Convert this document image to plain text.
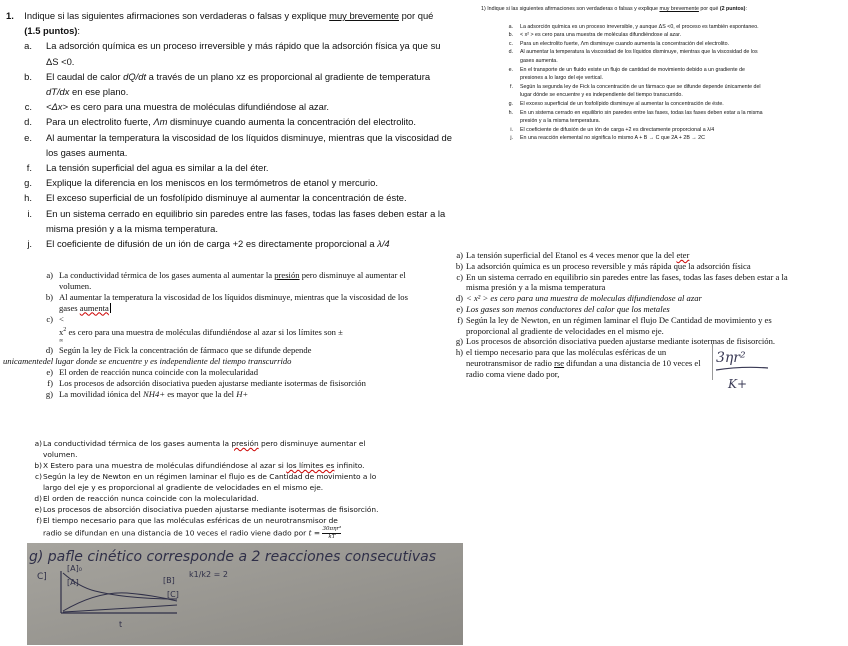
1.	Indique si las siguientes afirmaciones son verdaderas o falsas y explique muy brevemente por qué (1.5 puntos):
a.	La adsorción química es un proceso irreversible y más rápido que la adsorción física ya que su ΔS <0.
b.	El caudal de calor dQ/dt a través de un plano xz es proporcional al gradiente de temperatura dT/dx en ese plano.
c.	<Δx> es cero para una muestra de moléculas difundiéndose al azar.
d.	Para un electrolito fuerte, Λm disminuye cuando aumenta la concentración del electrolito.
e.	Al aumentar la temperatura la viscosidad de los líquidos disminuye, mientras que la viscosidad de los gases aumenta.
f.	La tensión superficial del agua es similar a la del éter.
g.	Explique la diferencia en los meniscos en los termómetros de etanol y mercurio.
h.	El exceso superficial de un fosfolípido disminuye al aumentar la concentración de éste.
i.	En un sistema cerrado en equilibrio sin paredes entre las fases, todas las fases deben estar a la misma presión y a la misma temperatura.
j.	El coeficiente de difusión de un ión de carga +2 es directamente proporcional a λ/4
1) Indique si las siguientes afirmaciones son verdaderas o falsas y explique muy brevemente por qué (2 puntos):
a.	La adsorción química es un proceso irreversible, y aunque ΔS <0, el proceso es también espontaneo.
b.	< x² > es cero para una muestra de moléculas difundiéndose al azar.
c.	Para un electrolito fuerte, Λm disminuye cuando aumenta la concentración del electrolito.
d.	Al aumentar la temperatura la viscosidad de los líquidos disminuye, mientras que la viscosidad de los gases aumenta.
e.	En el transporte de un fluido existe un flujo de cantidad de movimiento debido a un gradiente de presiones a lo largo del eje vertical.
f.	Según la segunda ley de Fick la concentración de un fármaco que se difunde depende únicamente del lugar dónde se encuentre y es independiente del tiempo transcurrido.
g.	El exceso superficial de un fosfolípido disminuye al aumentar la concentración de éste.
h.	En un sistema cerrado en equilibrio sin paredes entre las fases, todas las fases deben estar a la misma presión y a la misma temperatura.
i.	El coeficiente de difusión de un ión de carga +2 es directamente proporcional a λ/4
j.	En una reacción elemental no significa lo mismo A + B → C que 2A + 2B → 2C
a) La conductividad térmica de los gases aumenta al aumentar la presión pero disminuye al aumentar el volumen.
b) Al aumentar la temperatura la viscosidad de los líquidos disminuye, mientras que la viscosidad de los gases aumenta
c) <
$x^2$ es cero para una muestra de moléculas difundiéndose al azar si los límites son ±
∞
d) Según la ley de Fick la concentración de fármaco que se difunde depende
unicamentedel lugar donde se encuentre y es independiente del tiempo transcurrido
e) El orden de reacción nunca coincide con la molecularidad
f) Los procesos de adsorción disociativa pueden ajustarse mediante isotermas de fisisorción
g) La movilidad iónica del NH4+ es mayor que la del H+
a) La tensión superficial del Etanol es 4 veces menor que la del eter
b) La adsorción química es un proceso reversible y más rápida que la adsorción física
c) En un sistema cerrado en equilibrio sin paredes entre las fases, todas las fases deben estar a la misma presión y a la misma temperatura
d) < x² > es cero para una muestra de moleculas difundiendose al azar
e) Los gases son menos conductores del calor que los metales
f) Según la ley de Newton, en un régimen laminar el flujo De Cantidad de movimiento y es proporcional al gradiente de velocidades en el mismo eje.
g) Los procesos de absorción disociativa pueden ajustarse mediante isotermas de fisisorción.
h) el tiempo necesario para que las moléculas esféricas de un neurotransmisor de radio rse difundan a una distancia de 10 veces el radio coma viene dado por,
3ηr²
K+
a) La conductividad térmica de los gases aumenta la presión pero disminuye aumentar el volumen.
b) X Estero para una muestra de moléculas difundiéndose al azar si los límites es infinito.
c) Según la ley de Newton en un régimen laminar el flujo es de Cantidad de movimiento a lo largo del eje y es proporcional al gradiente de velocidades en el mismo eje.
d) El orden de reacción nunca coincide con la molecularidad.
e) Los procesos de absorción disociativa pueden ajustarse mediante isotermas de fisisorción.
f) El tiempo necesario para que las moléculas esféricas de un neurotransmisor de radio se difundan en una distancia de 10 veces el radio viene dado por t = 30πηr³
kT
g) pafle cinético corresponde a 2 reacciones consecutivas
C]
[A]₀
[A]
t
[B]
k1/k2 = 2
[C]
